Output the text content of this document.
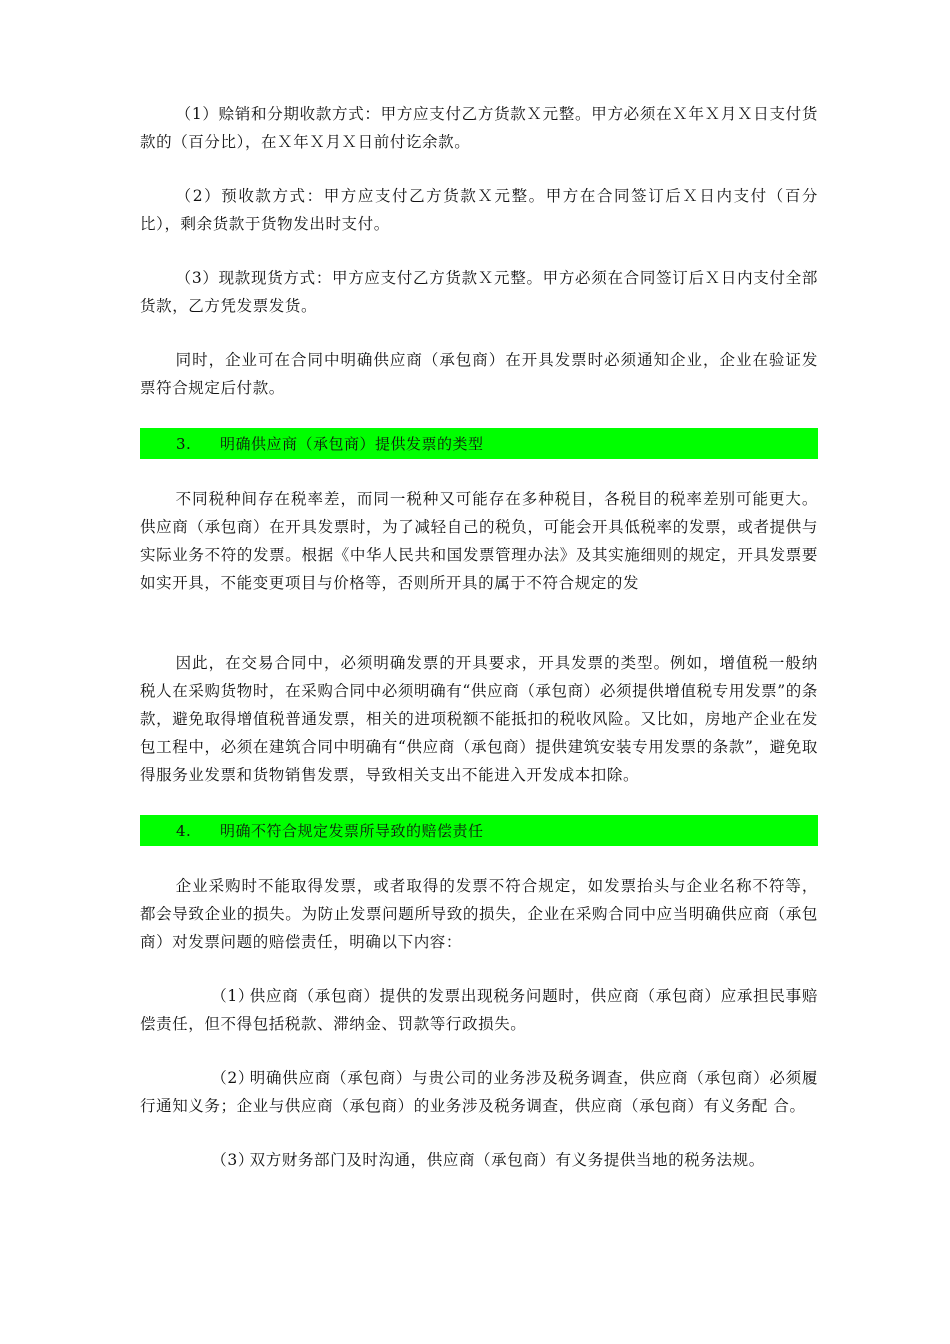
（1）赊销和分期收款方式：甲方应支付乙方货款Ｘ元整。甲方必须在Ｘ年Ｘ月Ｘ日支付货款的（百分比），在Ｘ年Ｘ月Ｘ日前付讫余款。

（2）预收款方式：甲方应支付乙方货款Ｘ元整。甲方在合同签订后Ｘ日内支付（百分比），剩余货款于货物发出时支付。

（3）现款现货方式：甲方应支付乙方货款Ｘ元整。甲方必须在合同签订后Ｘ日内支付全部货款，乙方凭发票发货。

同时，企业可在合同中明确供应商（承包商）在开具发票时必须通知企业，企业在验证发票符合规定后付款。

3.	明确供应商（承包商）提供发票的类型

不同税种间存在税率差，而同一税种又可能存在多种税目，各税目的税率差别可能更大。供应商（承包商）在开具发票时，为了减轻自己的税负，可能会开具低税率的发票，或者提供与实际业务不符的发票。根据《中华人民共和国发票管理办法》及其实施细则的规定，开具发票要如实开具，不能变更项目与价格等，否则所开具的属于不符合规定的发

因此，在交易合同中，必须明确发票的开具要求，开具发票的类型。例如，增值税一般纳税人在采购货物时，在采购合同中必须明确有“供应商（承包商）必须提供增值税专用发票”的条款，避免取得增值税普通发票，相关的进项税额不能抵扣的税收风险。又比如，房地产企业在发包工程中，必须在建筑合同中明确有“供应商（承包商）提供建筑安装专用发票的条款”，避免取得服务业发票和货物销售发票，导致相关支出不能进入开发成本扣除。

4.	明确不符合规定发票所导致的赔偿责任

企业采购时不能取得发票，或者取得的发票不符合规定，如发票抬头与企业名称不符等，都会导致企业的损失。为防止发票问题所导致的损失，企业在采购合同中应当明确供应商（承包商）对发票问题的赔偿责任，明确以下内容：

（1）供应商（承包商）提供的发票出现税务问题时，供应商（承包商）应承担民事赔 偿责任，但不得包括税款、滞纳金、罚款等行政损失。

（2）明确供应商（承包商）与贵公司的业务涉及税务调查，供应商（承包商）必须履 行通知义务；企业与供应商（承包商）的业务涉及税务调查，供应商（承包商）有义务配 合。

（3）双方财务部门及时沟通，供应商（承包商）有义务提供当地的税务法规。
